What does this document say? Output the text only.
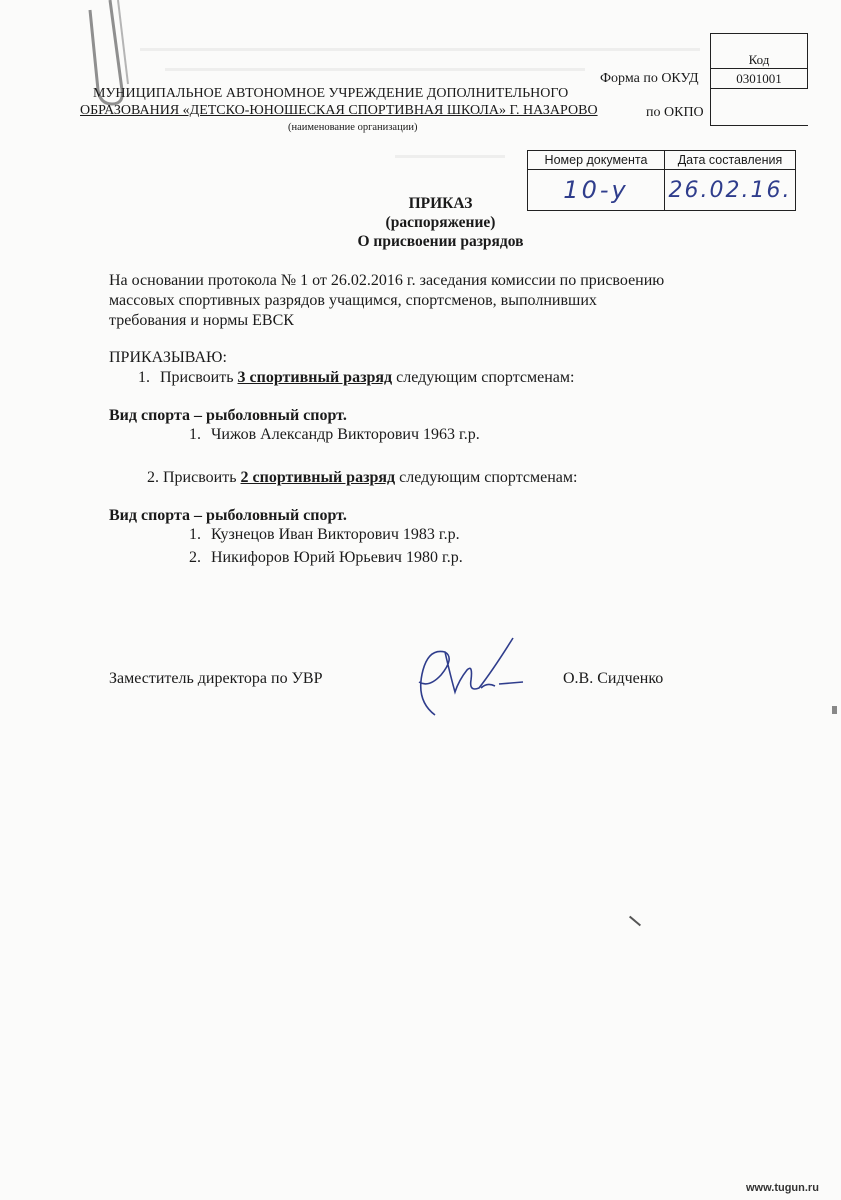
МУНИЦИПАЛЬНОЕ АВТОНОМНОЕ УЧРЕЖДЕНИЕ ДОПОЛНИТЕЛЬНОГО
ОБРАЗОВАНИЯ «ДЕТСКО-ЮНОШЕСКАЯ СПОРТИВНАЯ ШКОЛА» Г. НАЗАРОВО
(наименование организации)
Форма по ОКУД
по ОКПО
Код
0301001

Номер документа	Дата составления
10-у	26.02.16.
ПРИКАЗ
(распоряжение)
О присвоении разрядов
На основании протокола № 1 от 26.02.2016 г. заседания комиссии по присвоению
массовых спортивных разрядов учащимся, спортсменов, выполнивших
требования и нормы ЕВСК
ПРИКАЗЫВАЮ:
1. Присвоить 3 спортивный разряд следующим спортсменам:
Вид спорта – рыболовный спорт.
1. Чижов Александр Викторович 1963 г.р.
2. Присвоить 2 спортивный разряд следующим спортсменам:
Вид спорта – рыболовный спорт.
1. Кузнецов Иван Викторович 1983 г.р.
2. Никифоров Юрий Юрьевич 1980 г.р.
Заместитель директора по УВР	О.В. Сидченко
www.tugun.ru
